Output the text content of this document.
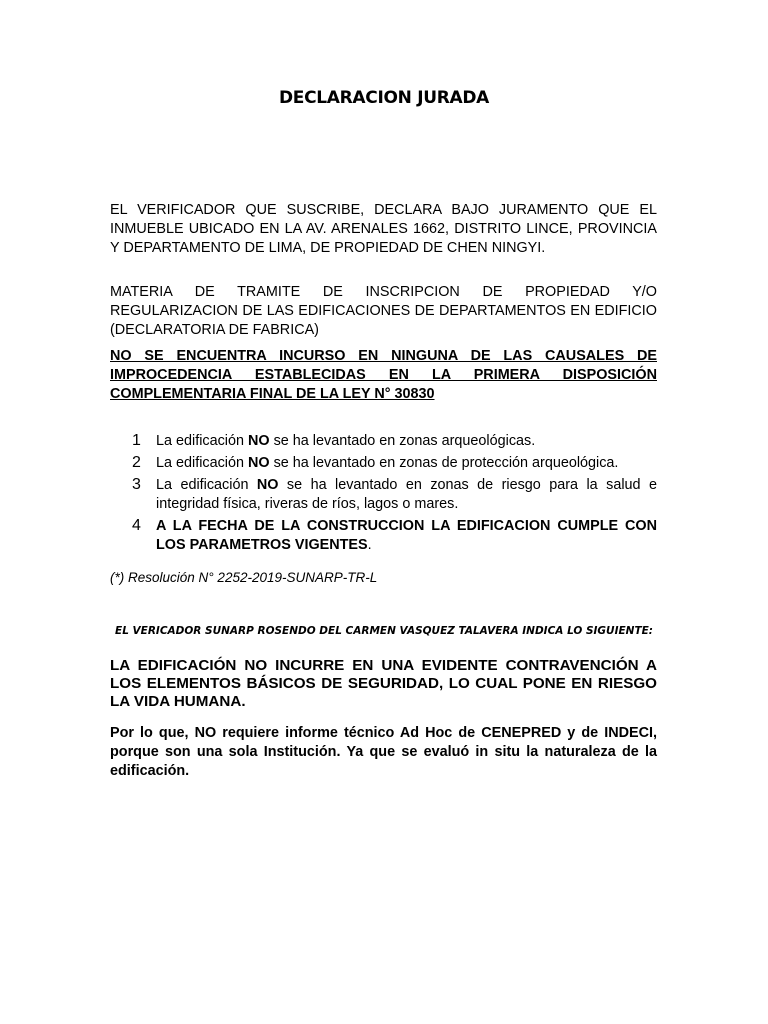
DECLARACION JURADA
EL VERIFICADOR QUE SUSCRIBE, DECLARA BAJO JURAMENTO QUE EL INMUEBLE UBICADO EN LA AV. ARENALES 1662, DISTRITO LINCE, PROVINCIA Y DEPARTAMENTO DE LIMA, DE PROPIEDAD DE CHEN NINGYI.
MATERIA DE TRAMITE DE INSCRIPCION DE PROPIEDAD Y/O REGULARIZACION DE LAS EDIFICACIONES DE DEPARTAMENTOS EN EDIFICIO (DECLARATORIA DE FABRICA)
NO SE ENCUENTRA INCURSO EN NINGUNA DE LAS CAUSALES DE IMPROCEDENCIA ESTABLECIDAS EN LA PRIMERA DISPOSICIÓN COMPLEMENTARIA FINAL DE LA LEY N° 30830
1 La edificación NO se ha levantado en zonas arqueológicas.
2 La edificación NO se ha levantado en zonas de protección arqueológica.
3 La edificación NO se ha levantado en zonas de riesgo para la salud e integridad física, riveras de ríos, lagos o mares.
4 A LA FECHA DE LA CONSTRUCCION LA EDIFICACION CUMPLE CON LOS PARAMETROS VIGENTES.
(*) Resolución N° 2252-2019-SUNARP-TR-L
EL VERICADOR SUNARP ROSENDO DEL CARMEN VASQUEZ TALAVERA INDICA LO SIGUIENTE:
LA EDIFICACIÓN NO INCURRE EN UNA EVIDENTE CONTRAVENCIÓN A LOS ELEMENTOS BÁSICOS DE SEGURIDAD, LO CUAL PONE EN RIESGO LA VIDA HUMANA.
Por lo que, NO requiere informe técnico Ad Hoc de CENEPRED y de INDECI, porque son una sola Institución. Ya que se evaluó in situ la naturaleza de la edificación.
